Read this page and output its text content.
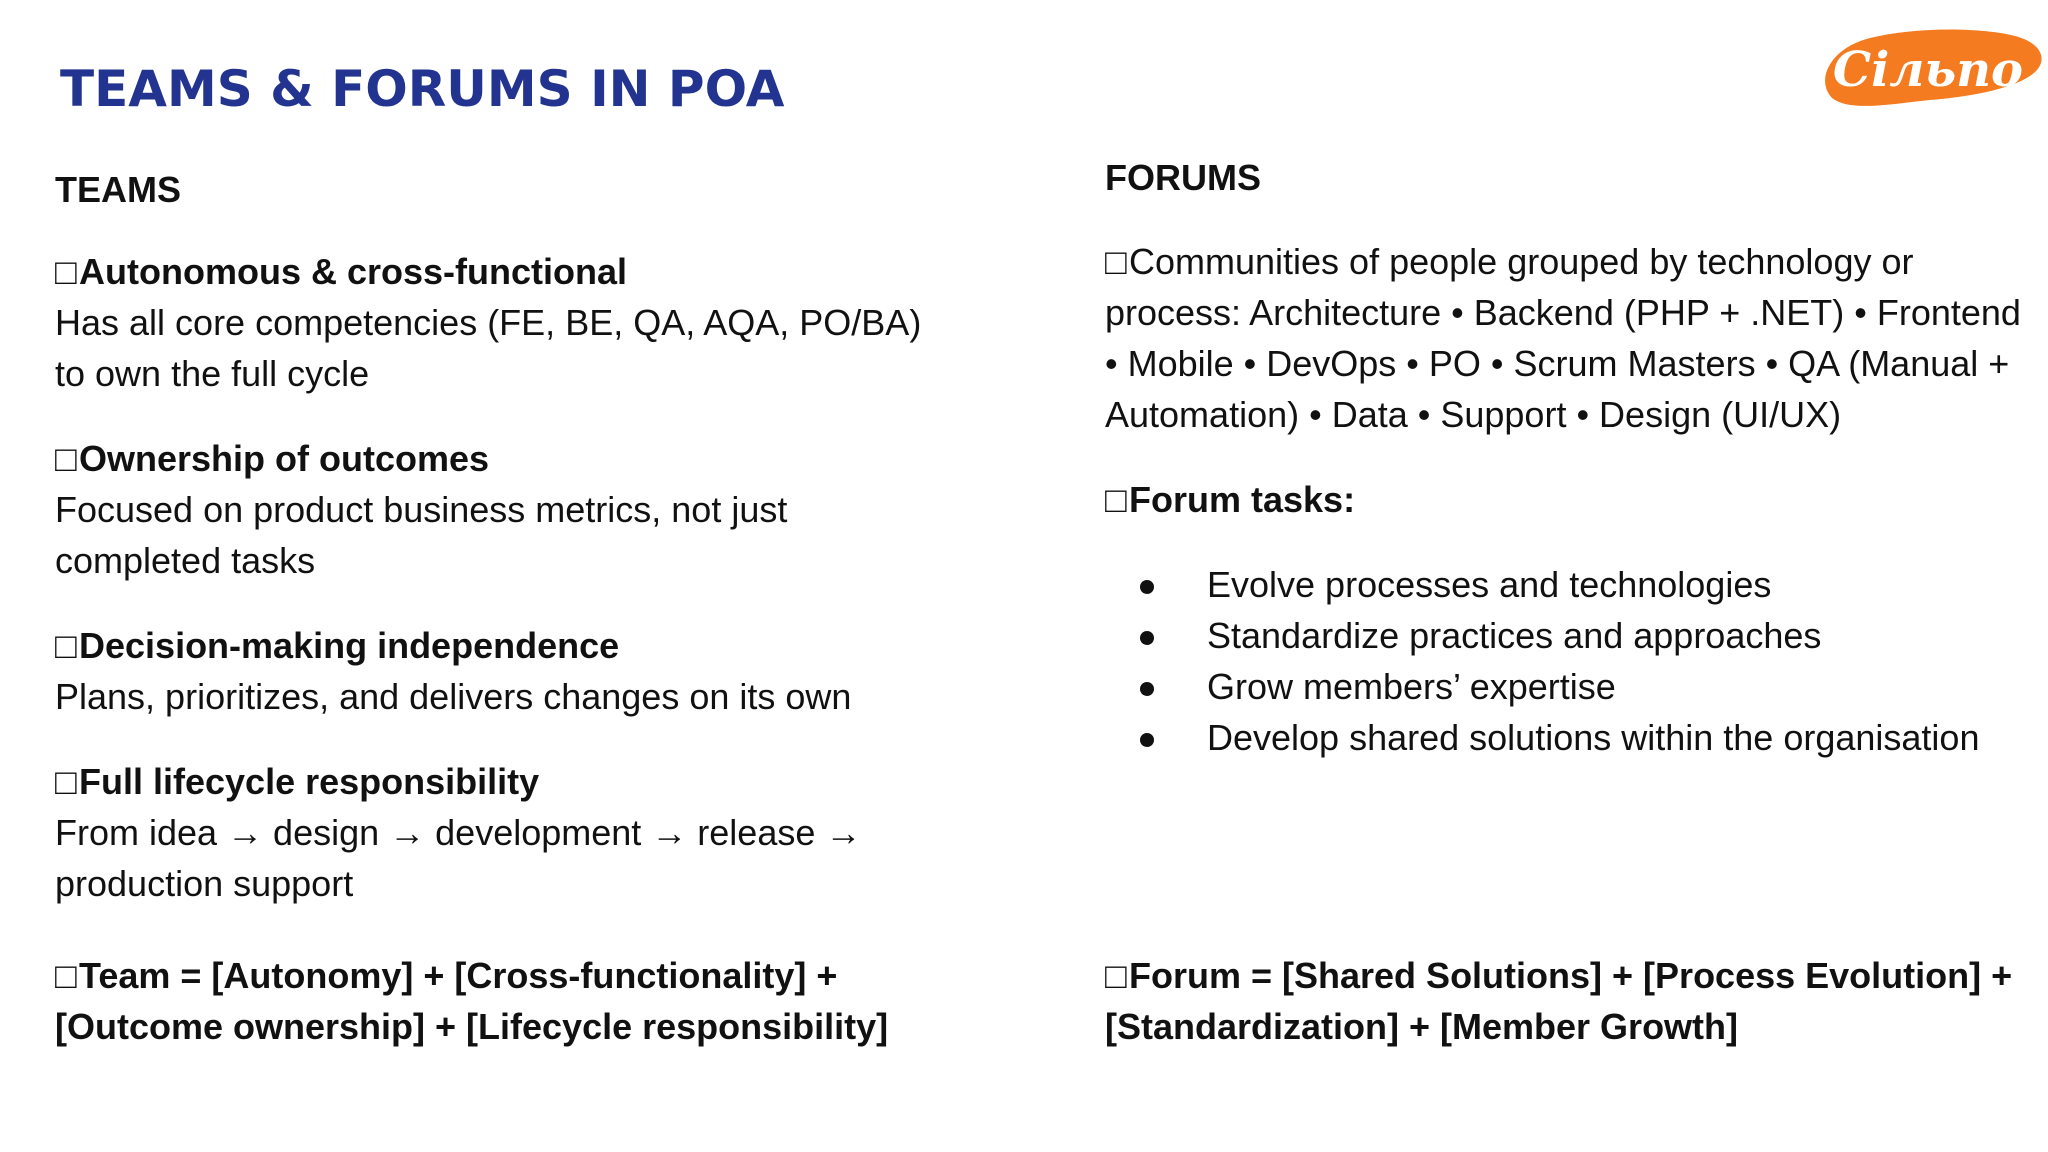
TEAMS & FORUMS IN POA	Сільпо
TEAMS
□Autonomous & cross-functional
Has all core competencies (FE, BE, QA, AQA, PO/BA) to own the full cycle
□Ownership of outcomes
Focused on product business metrics, not just completed tasks
□Decision-making independence
Plans, prioritizes, and delivers changes on its own
□Full lifecycle responsibility
From idea → design → development → release → production support
□Team = [Autonomy] + [Cross-functionality] + [Outcome ownership] + [Lifecycle responsibility]
FORUMS
□Communities of people grouped by technology or process: Architecture • Backend (PHP + .NET) • Frontend • Mobile • DevOps • PO • Scrum Masters • QA (Manual + Automation) • Data • Support • Design (UI/UX)
□Forum tasks:
Evolve processes and technologies
Standardize practices and approaches
Grow members’ expertise
Develop shared solutions within the organisation
□Forum = [Shared Solutions] + [Process Evolution] + [Standardization] + [Member Growth]
